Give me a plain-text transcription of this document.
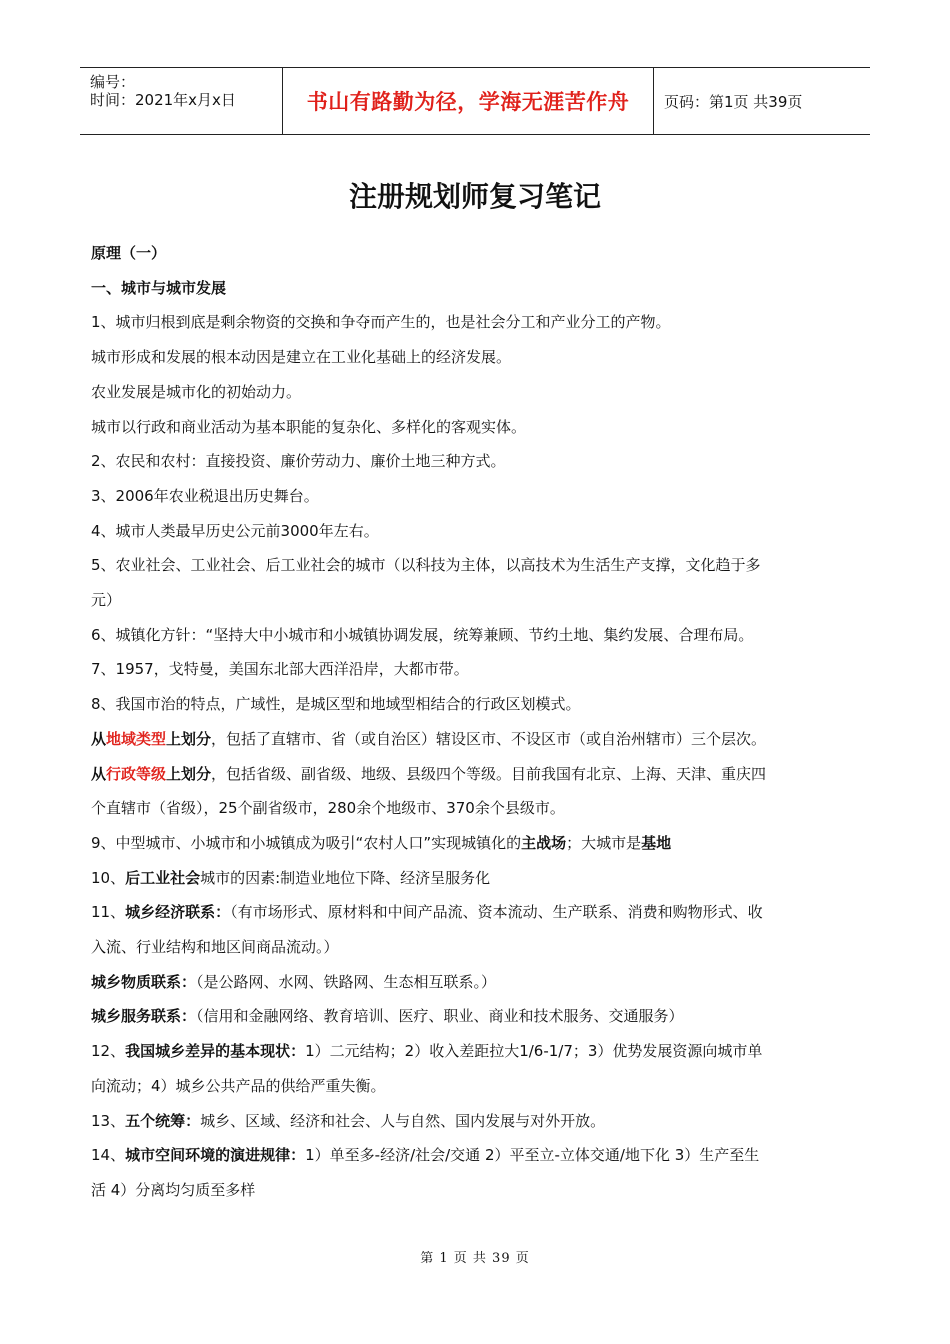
编号：
时间：2021年x月x日	书山有路勤为径，学海无涯苦作舟	页码：第1页 共39页
注册规划师复习笔记

原理（一）

一、城市与城市发展

1、城市归根到底是剩余物资的交换和争夺而产生的，也是社会分工和产业分工的产物。

城市形成和发展的根本动因是建立在工业化基础上的经济发展。

农业发展是城市化的初始动力。

城市以行政和商业活动为基本职能的复杂化、多样化的客观实体。

2、农民和农村：直接投资、廉价劳动力、廉价土地三种方式。

3、2006年农业税退出历史舞台。

4、城市人类最早历史公元前3000年左右。

5、农业社会、工业社会、后工业社会的城市（以科技为主体，以高技术为生活生产支撑，文化趋于多

元）

6、城镇化方针：“坚持大中小城市和小城镇协调发展，统筹兼顾、节约土地、集约发展、合理布局。

7、1957，戈特曼，美国东北部大西洋沿岸，大都市带。

8、我国市治的特点，广域性，是城区型和地域型相结合的行政区划模式。

从地域类型上划分，包括了直辖市、省（或自治区）辖设区市、不设区市（或自治州辖市）三个层次。

从行政等级上划分，包括省级、副省级、地级、县级四个等级。目前我国有北京、上海、天津、重庆四

个直辖市（省级），25个副省级市，280余个地级市、370余个县级市。

9、中型城市、小城市和小城镇成为吸引“农村人口”实现城镇化的主战场；大城市是基地

10、后工业社会城市的因素:制造业地位下降、经济呈服务化

11、城乡经济联系：（有市场形式、原材料和中间产品流、资本流动、生产联系、消费和购物形式、收

入流、行业结构和地区间商品流动。）

城乡物质联系：（是公路网、水网、铁路网、生态相互联系。）

城乡服务联系：（信用和金融网络、教育培训、医疗、职业、商业和技术服务、交通服务）

12、我国城乡差异的基本现状：1）二元结构；2）收入差距拉大1/6-1/7；3）优势发展资源向城市单

向流动；4）城乡公共产品的供给严重失衡。

13、五个统筹：城乡、区域、经济和社会、人与自然、国内发展与对外开放。

14、城市空间环境的演进规律：1）单至多-经济/社会/交通 2）平至立-立体交通/地下化 3）生产至生

活 4）分离均匀质至多样

第 1 页 共 39 页
